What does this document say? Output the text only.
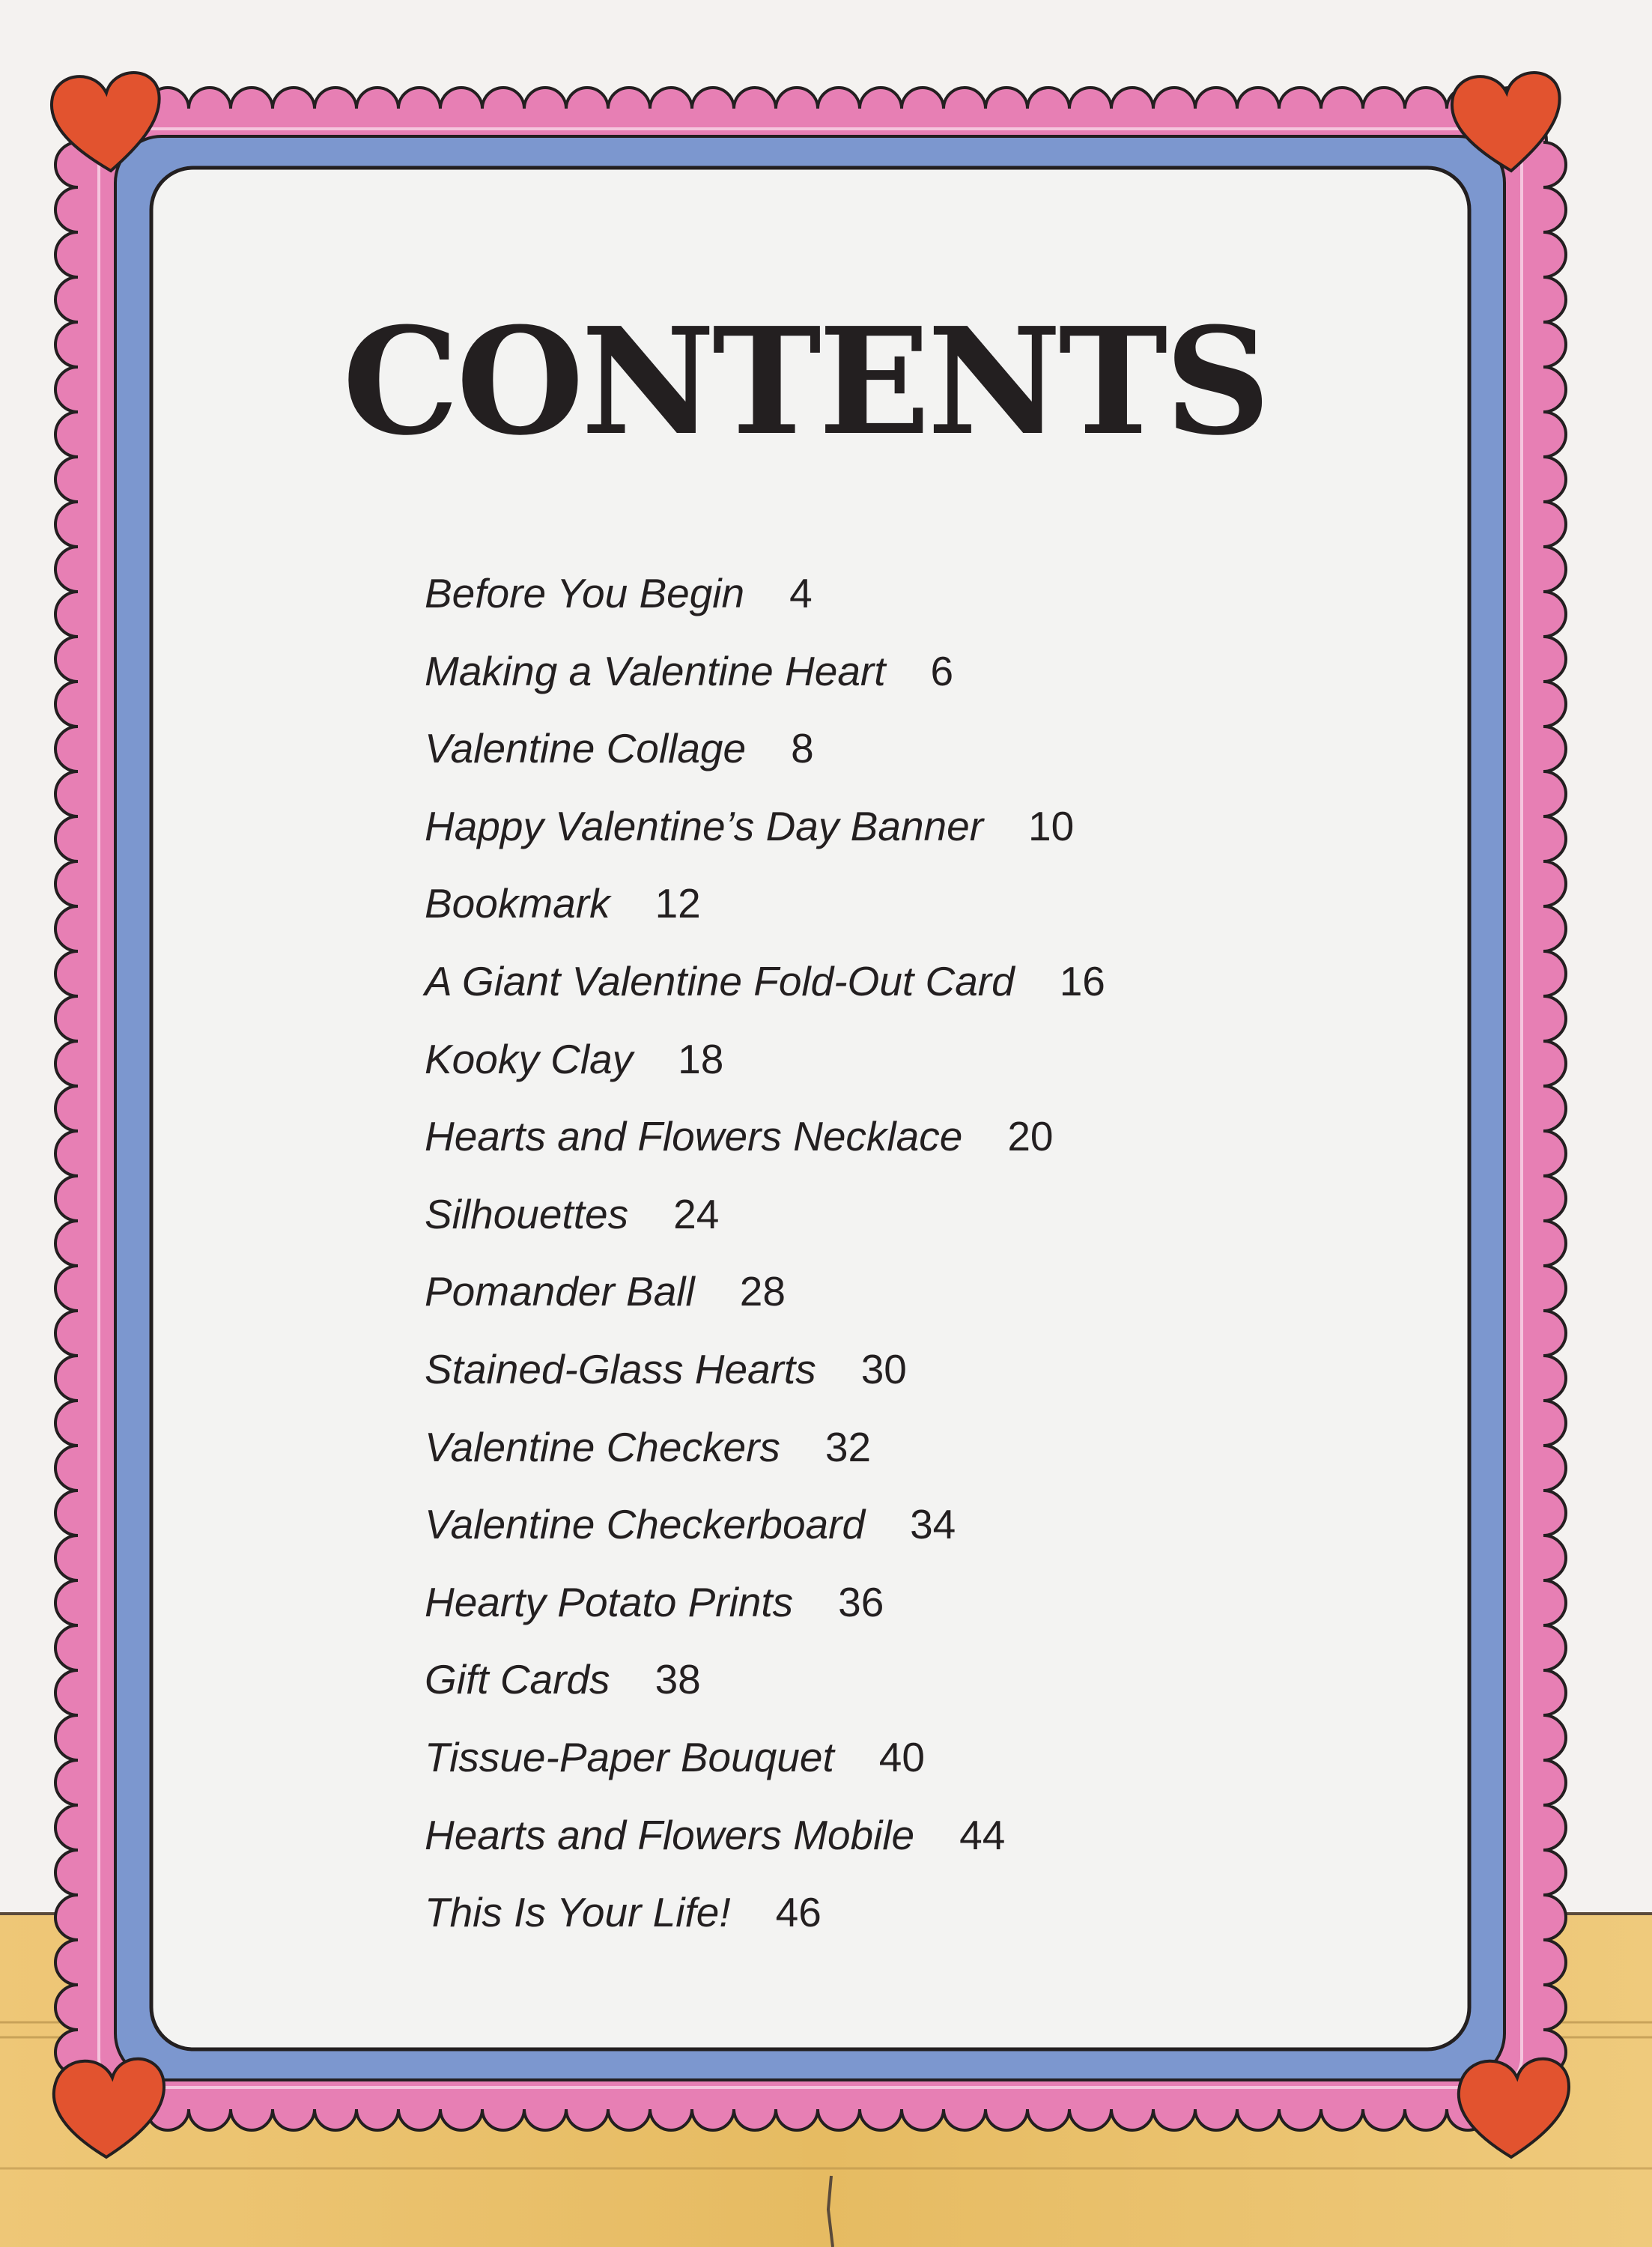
CONTENTS
Before You Begin 4
Making a Valentine Heart 6
Valentine Collage 8
Happy Valentine’s Day Banner 10
Bookmark 12
A Giant Valentine Fold-Out Card 16
Kooky Clay 18
Hearts and Flowers Necklace 20
Silhouettes 24
Pomander Ball 28
Stained-Glass Hearts 30
Valentine Checkers 32
Valentine Checkerboard 34
Hearty Potato Prints 36
Gift Cards 38
Tissue-Paper Bouquet 40
Hearts and Flowers Mobile 44
This Is Your Life! 46
